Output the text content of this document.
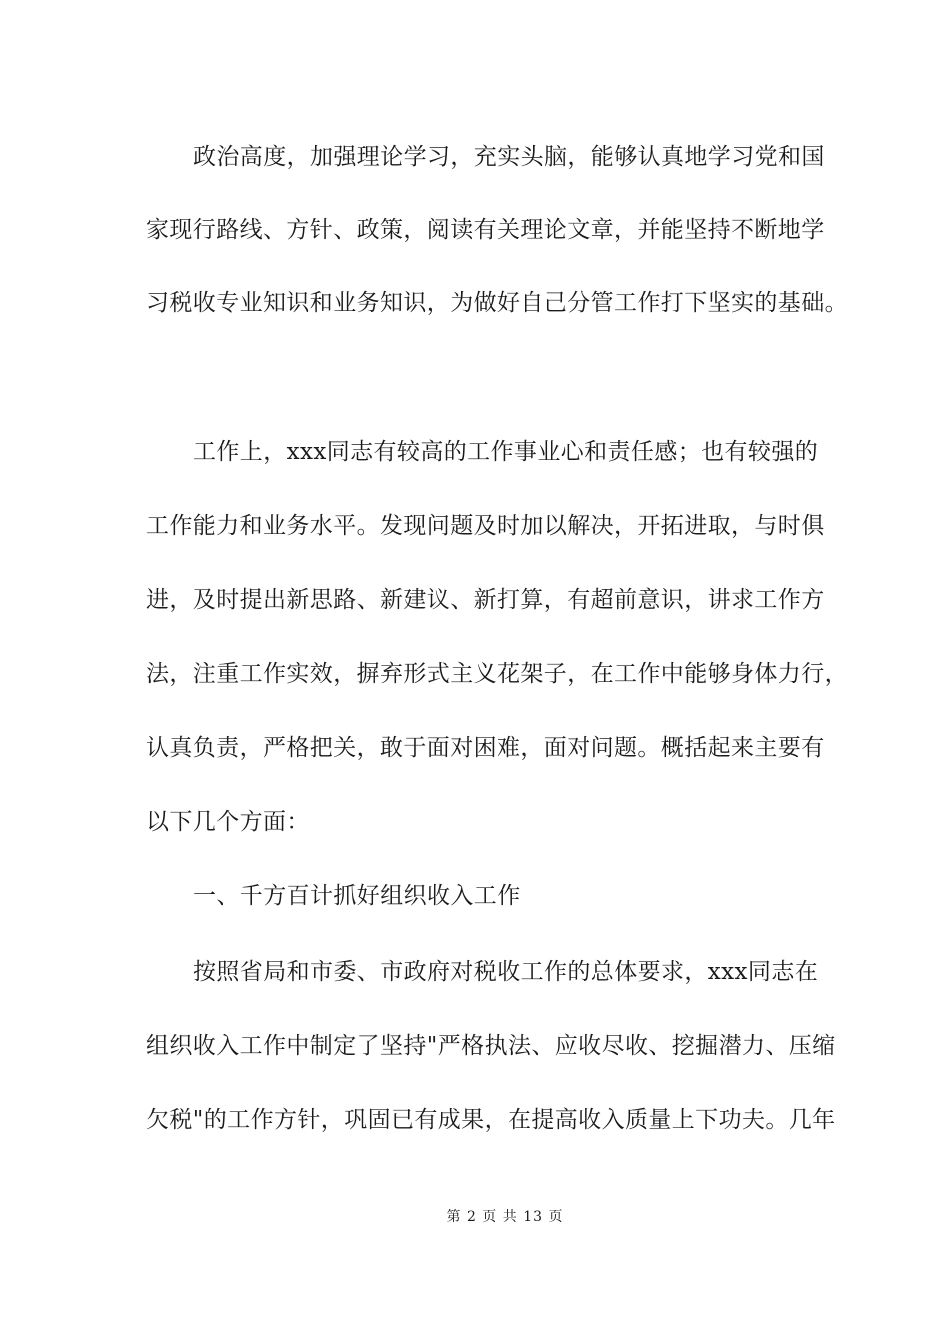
政治高度，加强理论学习，充实头脑，能够认真地学习党和国
家现行路线、方针、政策，阅读有关理论文章，并能坚持不断地学
习税收专业知识和业务知识，为做好自己分管工作打下坚实的基础。
工作上，xxx同志有较高的工作事业心和责任感；也有较强的
工作能力和业务水平。发现问题及时加以解决，开拓进取，与时俱
进，及时提出新思路、新建议、新打算，有超前意识，讲求工作方
法，注重工作实效，摒弃形式主义花架子，在工作中能够身体力行，
认真负责，严格把关，敢于面对困难，面对问题。概括起来主要有
以下几个方面：
一、千方百计抓好组织收入工作
按照省局和市委、市政府对税收工作的总体要求，xxx同志在
组织收入工作中制定了坚持"严格执法、应收尽收、挖掘潜力、压缩
欠税"的工作方针，巩固已有成果，在提高收入质量上下功夫。几年
第 2 页 共 13 页
